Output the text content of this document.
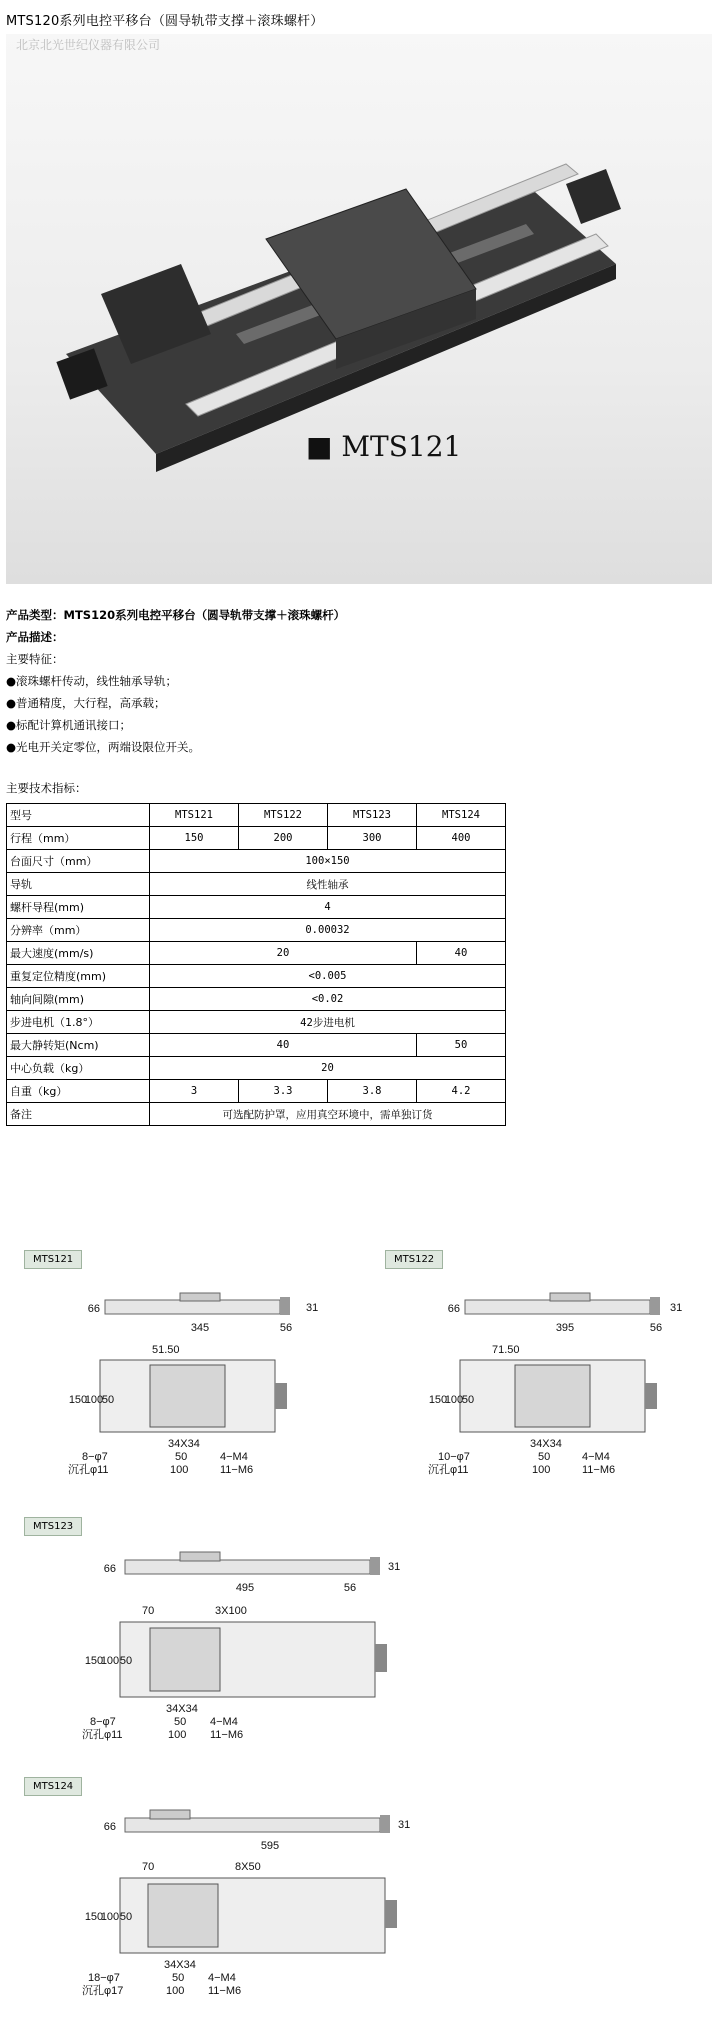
MTS120系列电控平移台（圆导轨带支撑＋滚珠螺杆）
北京北光世纪仪器有限公司
■ MTS121
产品类型：MTS120系列电控平移台（圆导轨带支撑＋滚珠螺杆）
产品描述：
主要特征：
●滚珠螺杆传动，线性轴承导轨；
●普通精度，大行程，高承载；
●标配计算机通讯接口；
●光电开关定零位，两端设限位开关。
主要技术指标：
型号	MTS121	MTS122	MTS123	MTS124
行程（mm）	150	200	300	400
台面尺寸（mm）	100×150			
导轨	线性轴承			
螺杆导程(mm)	4			
分辨率（mm）	0.00032			
最大速度(mm/s)	20			40
重复定位精度(mm)	<0.005			
轴向间隙(mm)	<0.02			
步进电机（1.8°）	42步进电机			
最大静转矩(Ncm)	40			50
中心负载（kg）	20			
自重（kg）	3	3.3	3.8	4.2
备注	可选配防护罩，应用真空环境中，需单独订货			
MTS121
66
345	56
31
51.50
150
100
50
34X34
50
100
4−M4
11−M6
8−φ7
沉孔φ11
MTS122
66
395	56
31
71.50
150
100
50
34X34
50
100
4−M4
11−M6
10−φ7
沉孔φ11
MTS123
66
495	56
31
70	3X100
150
100 50
34X34
50
100
4−M4
11−M6
8−φ7
沉孔φ11
MTS124
66
595
31
70	8X50
150
100 50
34X34
50
100
4−M4
11−M6
18−φ7
沉孔φ17
